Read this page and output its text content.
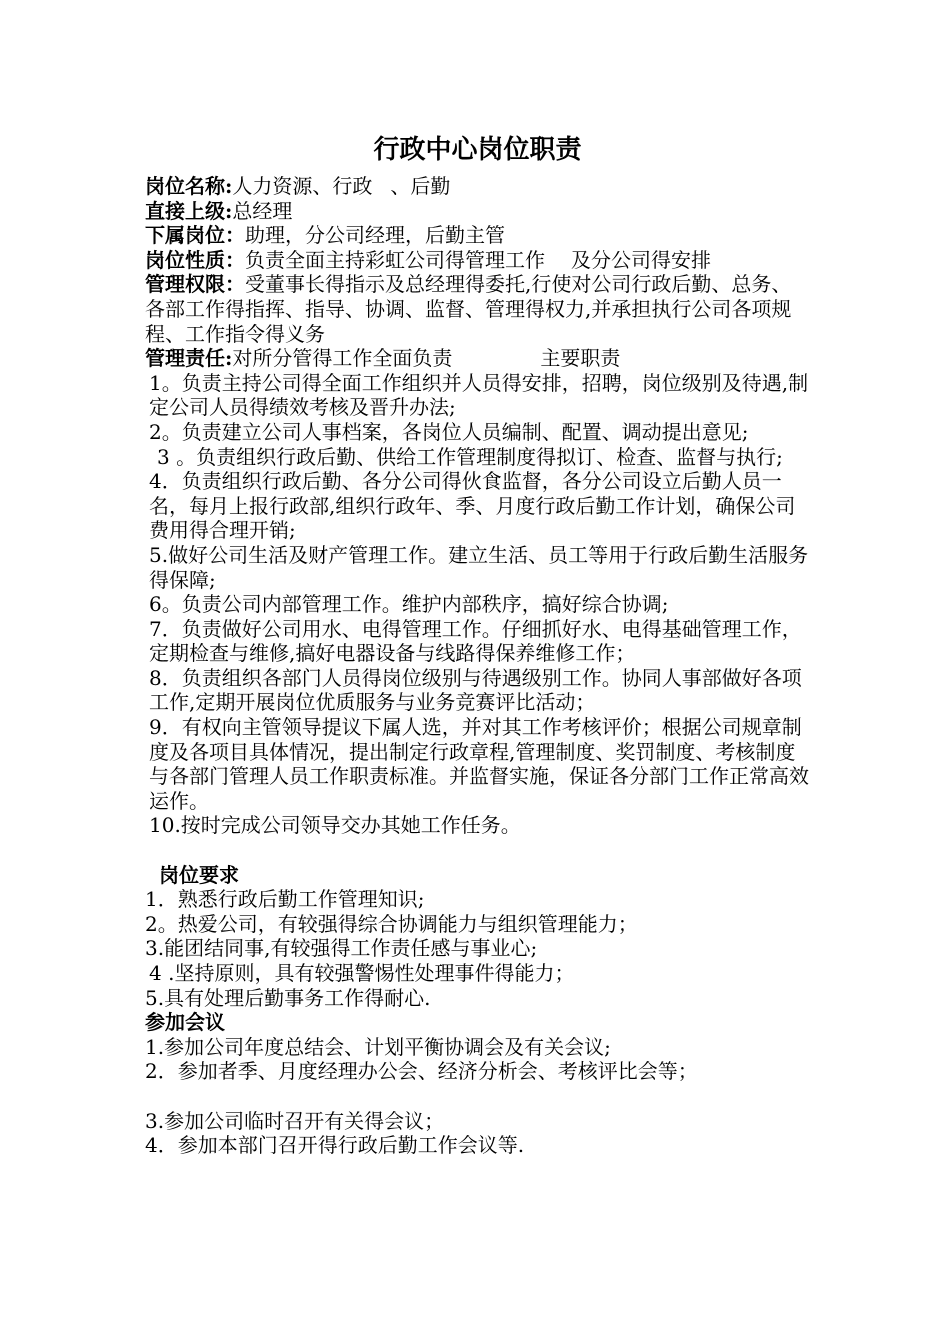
行政中心岗位职责
岗位名称:人力资源、行政 、后勤
直接上级:总经理
下属岗位：助理，分公司经理，后勤主管
岗位性质：负责全面主持彩虹公司得管理工作 及分公司得安排
管理权限：受董事长得指示及总经理得委托,行使对公司行政后勤、总务、各部工作得指挥、指导、协调、监督、管理得权力,并承担执行公司各项规程、工作指令得义务
管理责任:对所分管得工作全面负责	主要职责
1。负责主持公司得全面工作组织并人员得安排，招聘，岗位级别及待遇,制定公司人员得绩效考核及晋升办法;
2。负责建立公司人事档案，各岗位人员编制、配置、调动提出意见;
3 。负责组织行政后勤、供给工作管理制度得拟订、检查、监督与执行;
4．负责组织行政后勤、各分公司得伙食监督，各分公司设立后勤人员一名，每月上报行政部,组织行政年、季、月度行政后勤工作计划，确保公司费用得合理开销;
5.做好公司生活及财产管理工作。建立生活、员工等用于行政后勤生活服务得保障;
6。负责公司内部管理工作。维护内部秩序，搞好综合协调;
7．负责做好公司用水、电得管理工作。仔细抓好水、电得基础管理工作，定期检查与维修,搞好电器设备与线路得保养维修工作；
8．负责组织各部门人员得岗位级别与待遇级别工作。协同人事部做好各项工作,定期开展岗位优质服务与业务竞赛评比活动；
9．有权向主管领导提议下属人选，并对其工作考核评价；根据公司规章制度及各项目具体情况，提出制定行政章程,管理制度、奖罚制度、考核制度与各部门管理人员工作职责标准。并监督实施，保证各分部门工作正常高效运作。
10.按时完成公司领导交办其她工作任务。
岗位要求
1．熟悉行政后勤工作管理知识;
2。热爱公司，有较强得综合协调能力与组织管理能力；
3.能团结同事,有较强得工作责任感与事业心;
4 .坚持原则，具有较强警惕性处理事件得能力；
5.具有处理后勤事务工作得耐心.
参加会议
1.参加公司年度总结会、计划平衡协调会及有关会议;
2．参加者季、月度经理办公会、经济分析会、考核评比会等；
3.参加公司临时召开有关得会议；
4．参加本部门召开得行政后勤工作会议等.
